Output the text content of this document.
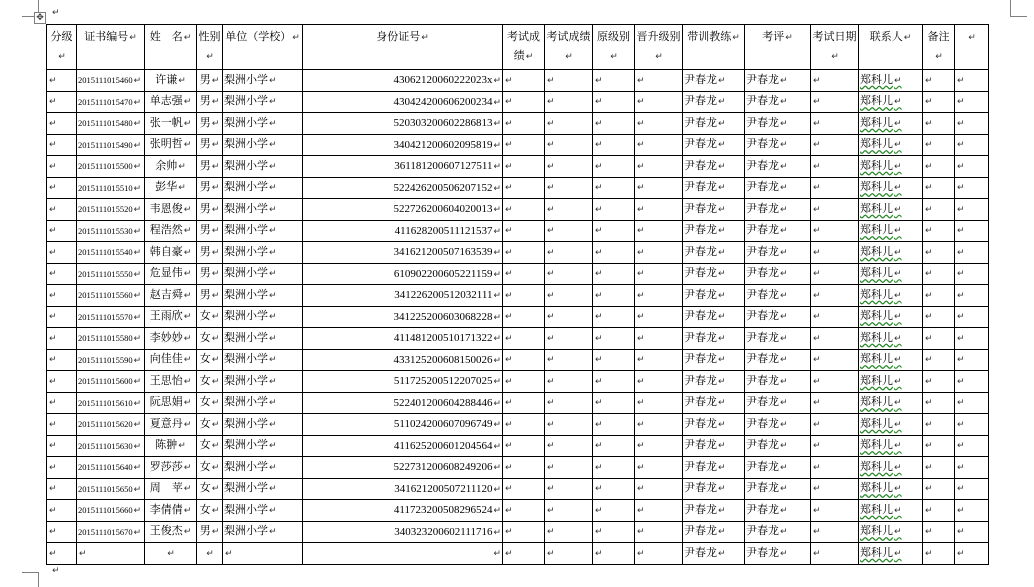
✥ ↵
分级↵	证书编号↵	姓　名↵	性别↵	单位（学校）↵	身份证号↵	考试成绩↵	考试成绩↵	原级别↵	晋升级别↵	带训教练↵	考评↵	考试日期↵	联系人↵	备注↵	↵
↵	2015111015460↵	许谦↵	男↵	梨洲小学↵	43062120060222023x↵	↵	↵	↵	↵	尹春龙↵	尹春龙↵	↵	郑科儿↵	↵	↵
↵	2015111015470↵	单志强↵	男↵	梨洲小学↵	430424200606200234↵	↵	↵	↵	↵	尹春龙↵	尹春龙↵	↵	郑科儿↵	↵	↵
↵	2015111015480↵	张一帆↵	男↵	梨洲小学↵	520303200602286813↵	↵	↵	↵	↵	尹春龙↵	尹春龙↵	↵	郑科儿↵	↵	↵
↵	2015111015490↵	张明哲↵	男↵	梨洲小学↵	340421200602095819↵	↵	↵	↵	↵	尹春龙↵	尹春龙↵	↵	郑科儿↵	↵	↵
↵	2015111015500↵	余帅↵	男↵	梨洲小学↵	361181200607127511↵	↵	↵	↵	↵	尹春龙↵	尹春龙↵	↵	郑科儿↵	↵	↵
↵	2015111015510↵	彭华↵	男↵	梨洲小学↵	522426200506207152↵	↵	↵	↵	↵	尹春龙↵	尹春龙↵	↵	郑科儿↵	↵	↵
↵	2015111015520↵	韦恩俊↵	男↵	梨洲小学↵	522726200604020013↵	↵	↵	↵	↵	尹春龙↵	尹春龙↵	↵	郑科儿↵	↵	↵
↵	2015111015530↵	程浩然↵	男↵	梨洲小学↵	411628200511121537↵	↵	↵	↵	↵	尹春龙↵	尹春龙↵	↵	郑科儿↵	↵	↵
↵	2015111015540↵	韩自豪↵	男↵	梨洲小学↵	341621200507163539↵	↵	↵	↵	↵	尹春龙↵	尹春龙↵	↵	郑科儿↵	↵	↵
↵	2015111015550↵	危显伟↵	男↵	梨洲小学↵	610902200605221159↵	↵	↵	↵	↵	尹春龙↵	尹春龙↵	↵	郑科儿↵	↵	↵
↵	2015111015560↵	赵吉舜↵	男↵	梨洲小学↵	341226200512032111↵	↵	↵	↵	↵	尹春龙↵	尹春龙↵	↵	郑科儿↵	↵	↵
↵	2015111015570↵	王雨欣↵	女↵	梨洲小学↵	341225200603068228↵	↵	↵	↵	↵	尹春龙↵	尹春龙↵	↵	郑科儿↵	↵	↵
↵	2015111015580↵	李妙妙↵	女↵	梨洲小学↵	411481200510171322↵	↵	↵	↵	↵	尹春龙↵	尹春龙↵	↵	郑科儿↵	↵	↵
↵	2015111015590↵	向佳佳↵	女↵	梨洲小学↵	433125200608150026↵	↵	↵	↵	↵	尹春龙↵	尹春龙↵	↵	郑科儿↵	↵	↵
↵	2015111015600↵	王思怡↵	女↵	梨洲小学↵	511725200512207025↵	↵	↵	↵	↵	尹春龙↵	尹春龙↵	↵	郑科儿↵	↵	↵
↵	2015111015610↵	阮思娟↵	女↵	梨洲小学↵	522401200604288446↵	↵	↵	↵	↵	尹春龙↵	尹春龙↵	↵	郑科儿↵	↵	↵
↵	2015111015620↵	夏意丹↵	女↵	梨洲小学↵	511024200607096749↵	↵	↵	↵	↵	尹春龙↵	尹春龙↵	↵	郑科儿↵	↵	↵
↵	2015111015630↵	陈翀↵	女↵	梨洲小学↵	411625200601204564↵	↵	↵	↵	↵	尹春龙↵	尹春龙↵	↵	郑科儿↵	↵	↵
↵	2015111015640↵	罗莎莎↵	女↵	梨洲小学↵	522731200608249206↵	↵	↵	↵	↵	尹春龙↵	尹春龙↵	↵	郑科儿↵	↵	↵
↵	2015111015650↵	周　苹↵	女↵	梨洲小学↵	341621200507211120↵	↵	↵	↵	↵	尹春龙↵	尹春龙↵	↵	郑科儿↵	↵	↵
↵	2015111015660↵	李倩倩↵	女↵	梨洲小学↵	411723200508296524↵	↵	↵	↵	↵	尹春龙↵	尹春龙↵	↵	郑科儿↵	↵	↵
↵	2015111015670↵	王俊杰↵	男↵	梨洲小学↵	340323200602111716↵	↵	↵	↵	↵	尹春龙↵	尹春龙↵	↵	郑科儿↵	↵	↵
↵	↵	↵	↵	↵	↵	↵	↵	↵	↵	尹春龙↵	尹春龙↵	↵	郑科儿↵	↵	↵
↵
